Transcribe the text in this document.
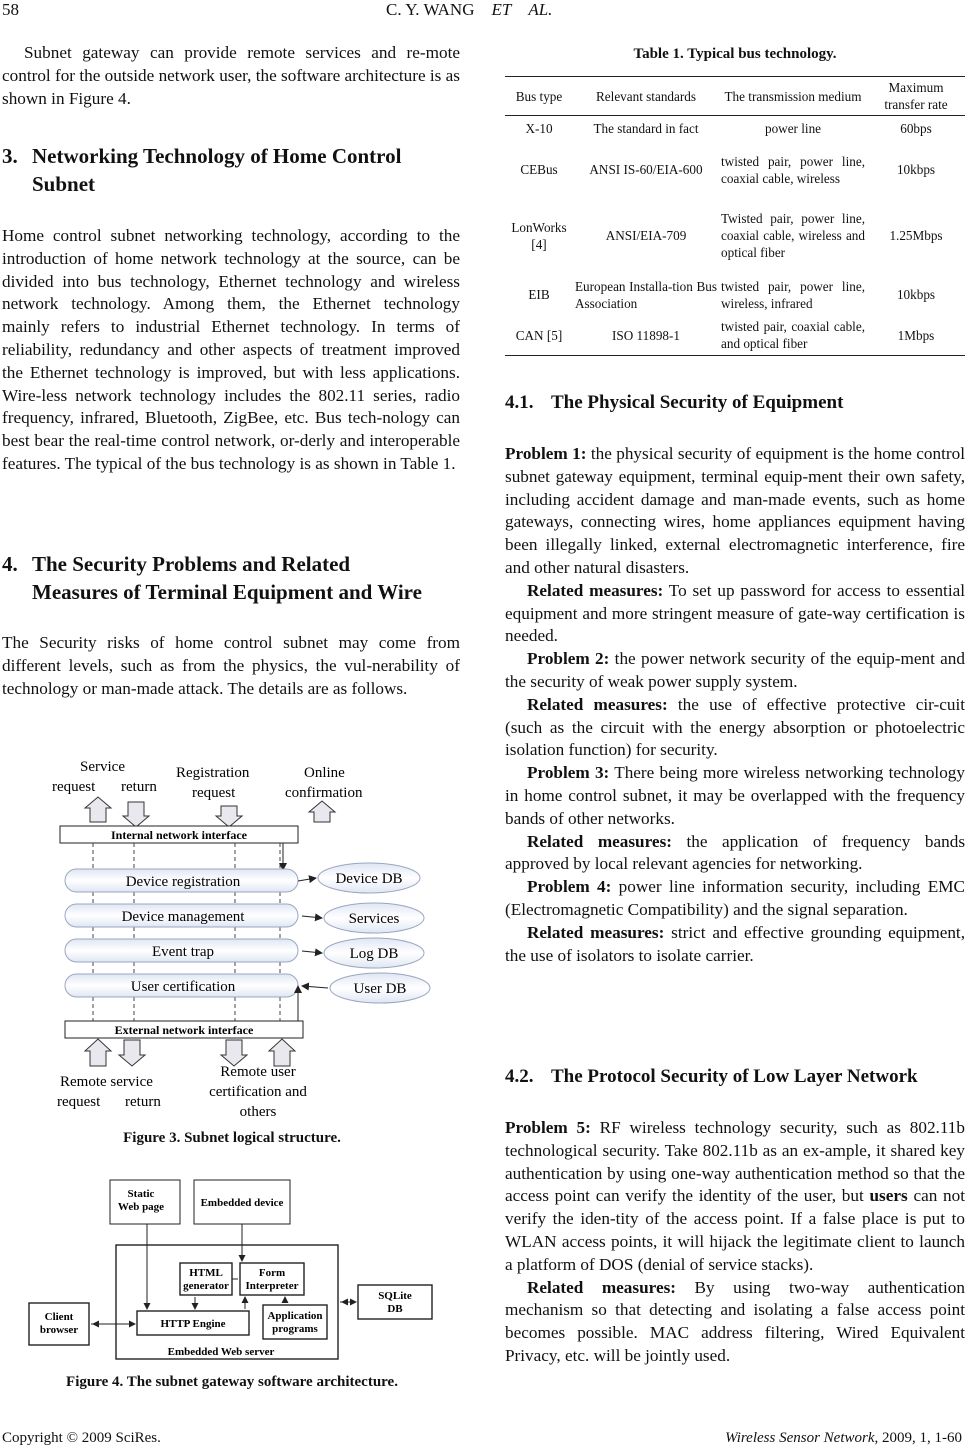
58	C. Y. WANG ET AL.
Subnet gateway can provide remote services and re-mote control for the outside network user, the software architecture is as shown in Figure 4.
3. Networking Technology of Home Control
Subnet
Home control subnet networking technology, according to the introduction of home network technology at the source, can be divided into bus technology, Ethernet technology and wireless network technology. Among them, the Ethernet technology mainly refers to industrial Ethernet technology. In terms of reliability, redundancy and other aspects of treatment improved the Ethernet technology is improved, but with less applications. Wire-less network technology includes the 802.11 series, radio frequency, infrared, Bluetooth, ZigBee, etc. Bus tech-nology can best bear the real-time control network, or-derly and interoperable features. The typical of the bus technology is as shown in Table 1.
4. The Security Problems and Related
Measures of Terminal Equipment and Wire
The Security risks of home control subnet may come from different levels, such as from the physics, the vul-nerability of technology or man-made attack. The details are as follows.
Service
request return
Registration
request
Online
confirmation
Internal network interface
Device registration
Device management
Event trap
User certification
Device DB
Services
Log DB
User DB
External network interface
Remote service
request return
Remote user
certification and
others
Figure 3. Subnet logical structure.
Static
Web page	Embedded device
Embedded Web server
HTML
generator
Form
Interpreter
HTTP Engine
Application
programs
Client
browser
SQLite
DB
Figure 4. The subnet gateway software architecture.
Table 1. Typical bus technology.
Bus type	Relevant standards	The transmission medium	Maximum transfer rate
X-10	The standard in fact	power line	60bps
CEBus	ANSI IS-60/EIA-600	twisted pair, power line, coaxial cable, wireless	10kbps
LonWorks [4]	ANSI/EIA-709	Twisted pair, power line, coaxial cable, wireless and optical fiber	1.25Mbps
EIB	European Installa-tion Bus Association	twisted pair, power line, wireless, infrared	10kbps
CAN [5]	ISO 11898-1	twisted pair, coaxial cable, and optical fiber	1Mbps
4.1. The Physical Security of Equipment

Problem 1: the physical security of equipment is the home control subnet gateway equipment, terminal equip-ment their own safety, including accident damage and man-made events, such as home gateways, connecting wires, home appliances equipment having been illegally linked, external electromagnetic interference, fire and other natural disasters.

Related measures: To set up password for access to essential equipment and more stringent measure of gate-way certification is needed.

Problem 2: the power network security of the equip-ment and the security of weak power supply system.

Related measures: the use of effective protective cir-cuit (such as the circuit with the energy absorption or photoelectric isolation function) for security.

Problem 3: There being more wireless networking technology in home control subnet, it may be overlapped with the frequency bands of other networks.

Related measures: the application of frequency bands approved by local relevant agencies for networking.

Problem 4: power line information security, including EMC (Electromagnetic Compatibility) and the signal separation.

Related measures: strict and effective grounding equipment, the use of isolators to isolate carrier.

4.2. The Protocol Security of Low Layer Network

Problem 5: RF wireless technology security, such as 802.11b technological security. Take 802.11b as an ex-ample, it shared key authentication by using one-way authentication method so that the access point can verify the identity of the user, but users can not verify the iden-tity of the access point. If a false place is put to WLAN access points, it will hijack the legitimate client to launch a platform of DOS (denial of service stacks).

Related measures: By using two-way authentication mechanism so that detecting and isolating a false access point becomes possible. MAC address filtering, Wired Equivalent Privacy, etc. will be jointly used.

Copyright © 2009 SciRes.	Wireless Sensor Network, 2009, 1, 1-60
